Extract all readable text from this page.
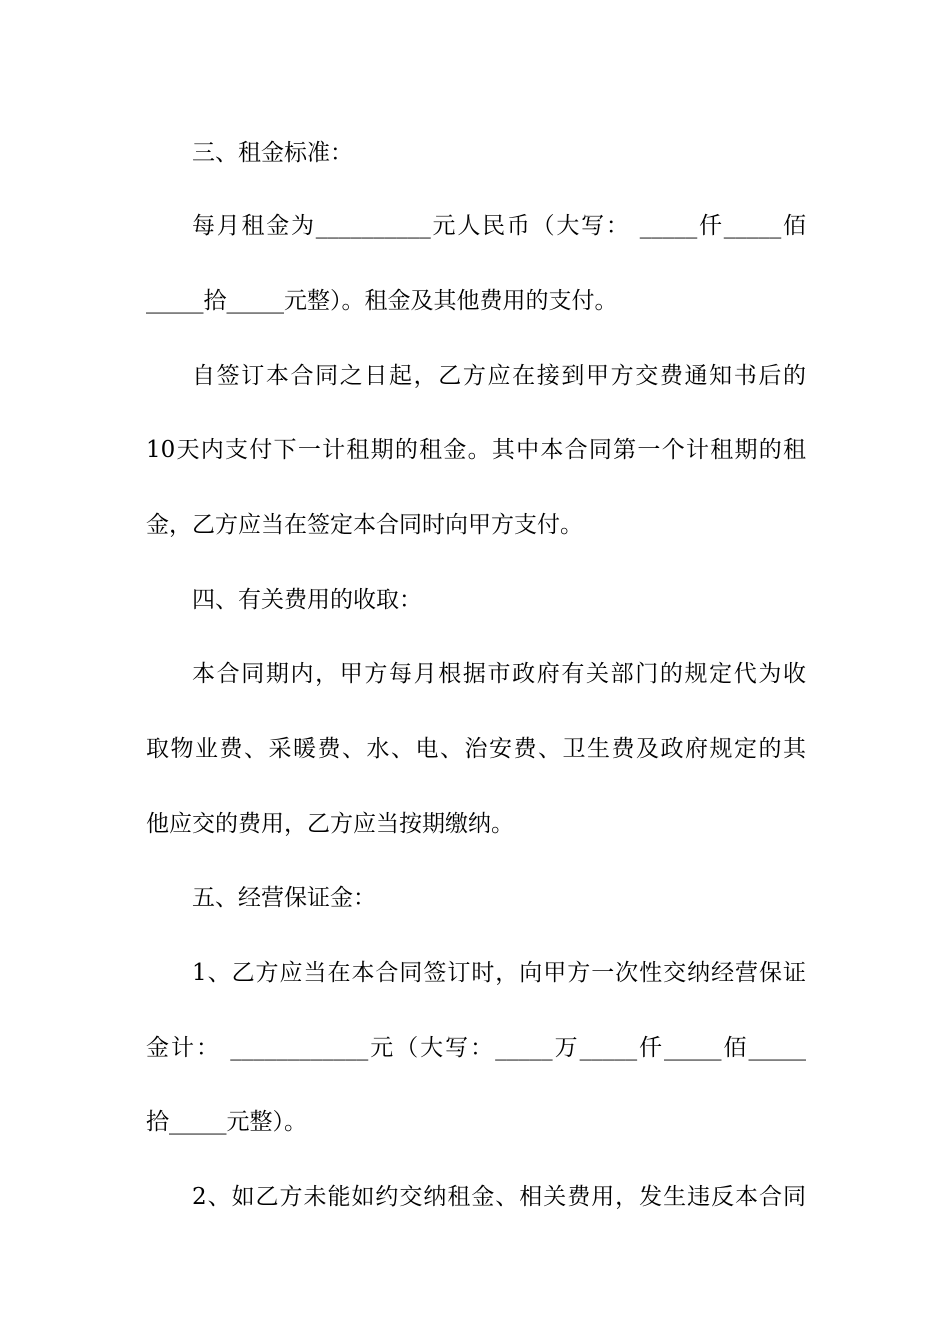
三、租金标准：
每月租金为__________元人民币（大写： _____仟_____佰
_____拾_____元整）。租金及其他费用的支付。
自签订本合同之日起，乙方应在接到甲方交费通知书后的
10天内支付下一计租期的租金。其中本合同第一个计租期的租
金，乙方应当在签定本合同时向甲方支付。
四、有关费用的收取：
本合同期内，甲方每月根据市政府有关部门的规定代为收
取物业费、采暖费、水、电、治安费、卫生费及政府规定的其
他应交的费用，乙方应当按期缴纳。
五、经营保证金：
1、乙方应当在本合同签订时，向甲方一次性交纳经营保证
金计： ____________元（大写：_____万_____仟_____佰_____
拾_____元整）。
2、如乙方未能如约交纳租金、相关费用，发生违反本合同
